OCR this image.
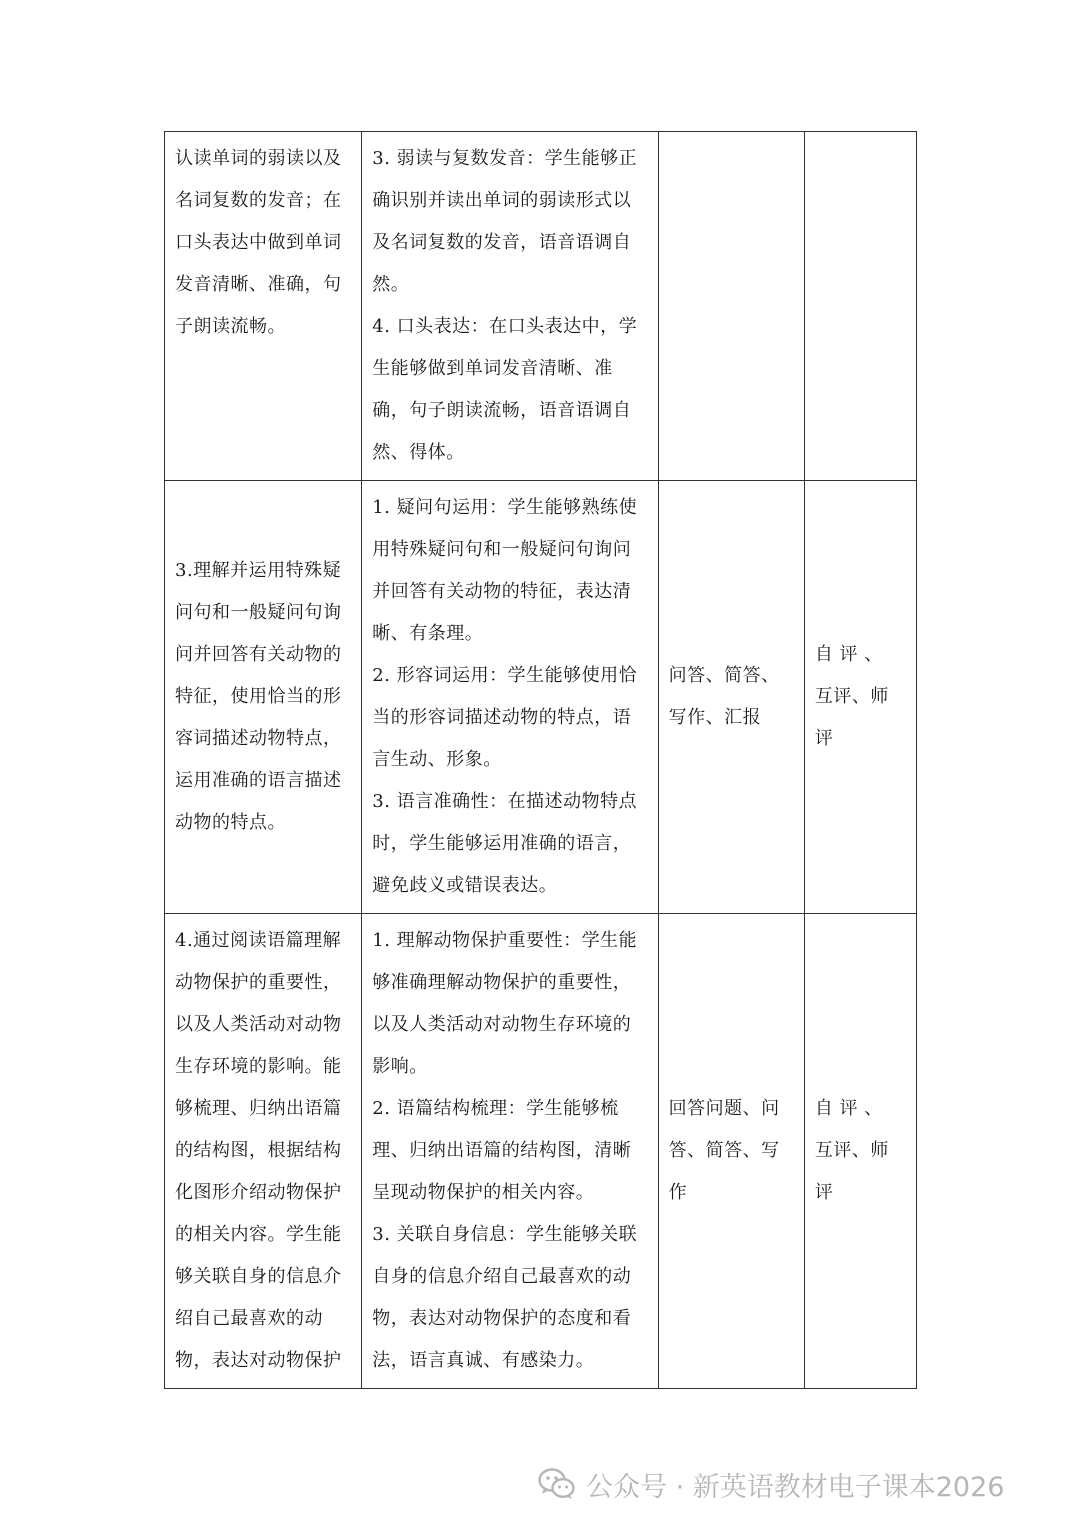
认读单词的弱读以及名词复数的发音；在口头表达中做到单词发音清晰、准确，句子朗读流畅。	3. 弱读与复数发音：学生能够正确识别并读出单词的弱读形式以及名词复数的发音，语音语调自然。
4. 口头表达：在口头表达中，学生能够做到单词发音清晰、准确，句子朗读流畅，语音语调自然、得体。		

3.理解并运用特殊疑问句和一般疑问句询问并回答有关动物的特征，使用恰当的形容词描述动物特点，运用准确的语言描述动物的特点。	1. 疑问句运用：学生能够熟练使用特殊疑问句和一般疑问句询问并回答有关动物的特征，表达清晰、有条理。
2. 形容词运用：学生能够使用恰当的形容词描述动物的特点，语言生动、形象。
3. 语言准确性：在描述动物特点时，学生能够运用准确的语言，避免歧义或错误表达。	问答、简答、写作、汇报	自 评 、 互评、师评
4.通过阅读语篇理解动物保护的重要性，以及人类活动对动物生存环境的影响。能够梳理、归纳出语篇的结构图，根据结构化图形介绍动物保护的相关内容。学生能够关联自身的信息介绍自己最喜欢的动物，表达对动物保护	1. 理解动物保护重要性：学生能够准确理解动物保护的重要性，以及人类活动对动物生存环境的影响。
2. 语篇结构梳理：学生能够梳理、归纳出语篇的结构图，清晰呈现动物保护的相关内容。
3. 关联自身信息：学生能够关联自身的信息介绍自己最喜欢的动物，表达对动物保护的态度和看法，语言真诚、有感染力。	回答问题、问答、简答、写作	自 评 、 互评、师评
公众号 · 新英语教材电子课本2026
